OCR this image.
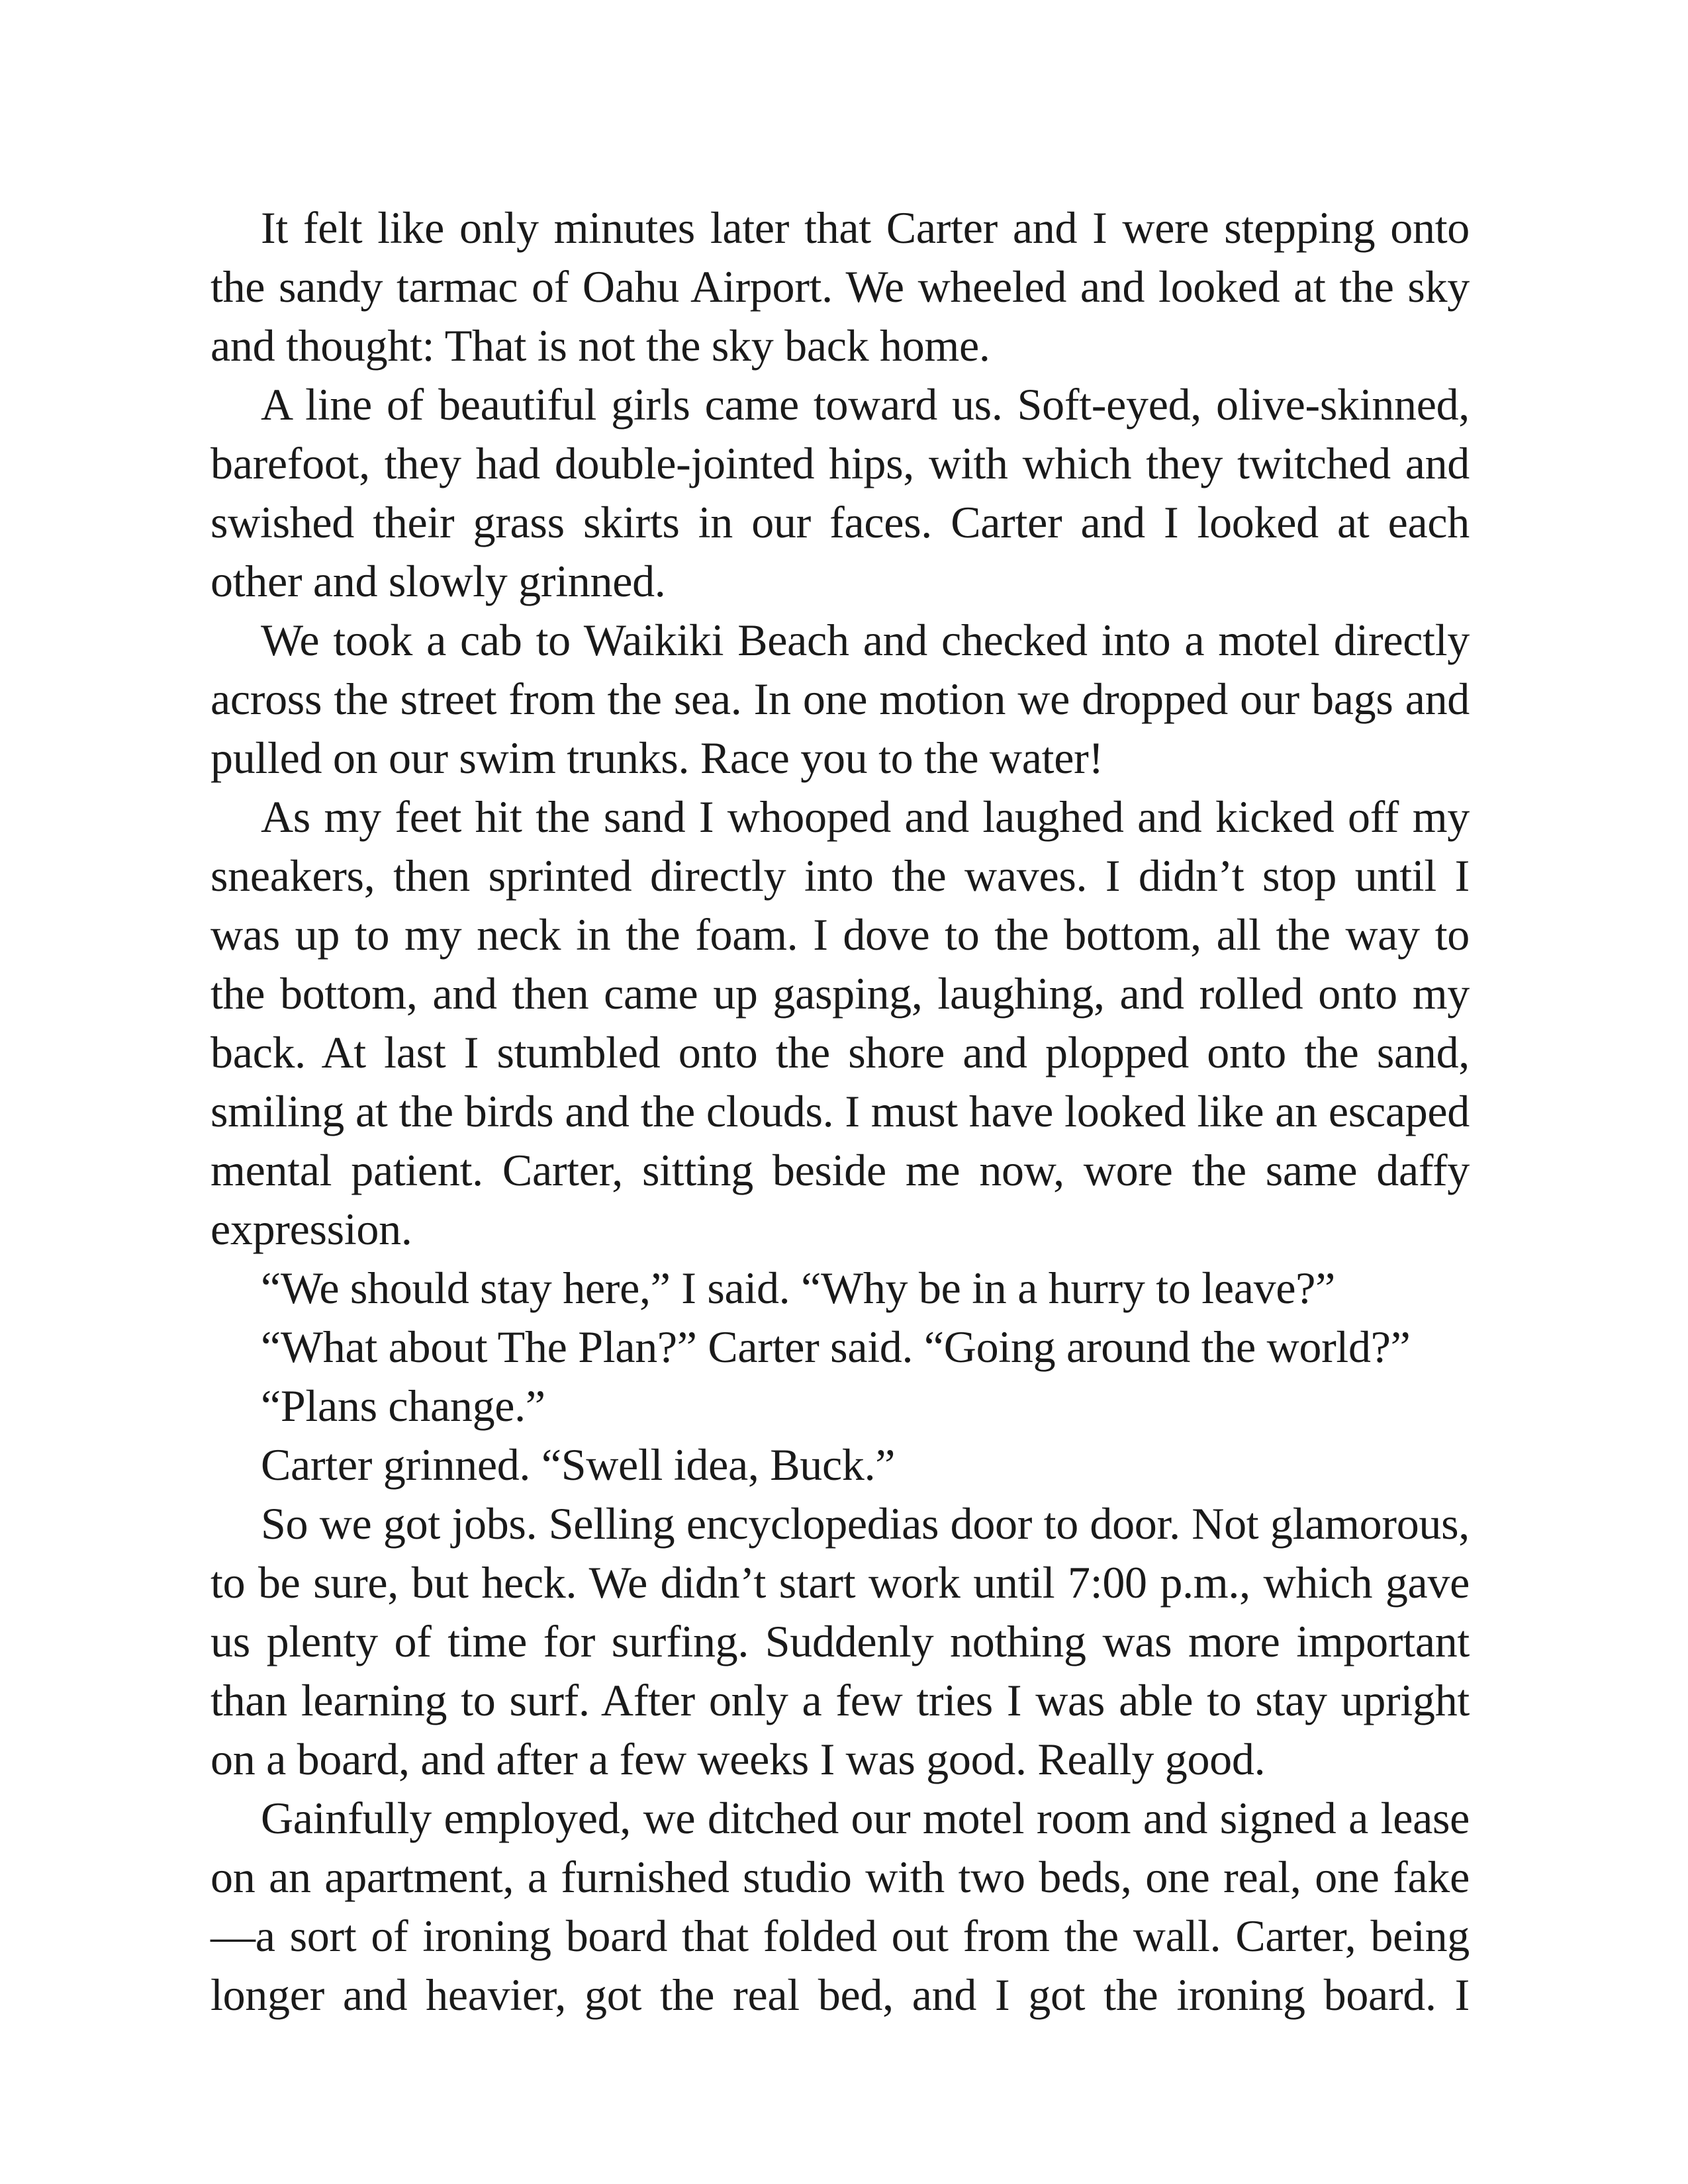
It felt like only minutes later that Carter and I were stepping onto the sandy tarmac of Oahu Airport. We wheeled and looked at the sky and thought: That is not the sky back home.

A line of beautiful girls came toward us. Soft-eyed, olive-skinned, barefoot, they had double-jointed hips, with which they twitched and swished their grass skirts in our faces. Carter and I looked at each other and slowly grinned.

We took a cab to Waikiki Beach and checked into a motel directly across the street from the sea. In one motion we dropped our bags and pulled on our swim trunks. Race you to the water!

As my feet hit the sand I whooped and laughed and kicked off my sneakers, then sprinted directly into the waves. I didn’t stop until I was up to my neck in the foam. I dove to the bottom, all the way to the bottom, and then came up gasping, laughing, and rolled onto my back. At last I stumbled onto the shore and plopped onto the sand, smiling at the birds and the clouds. I must have looked like an escaped mental patient. Carter, sitting beside me now, wore the same daffy expression.

“We should stay here,” I said. “Why be in a hurry to leave?”

“What about The Plan?” Carter said. “Going around the world?”

“Plans change.”

Carter grinned. “Swell idea, Buck.”

So we got jobs. Selling encyclopedias door to door. Not glamorous, to be sure, but heck. We didn’t start work until 7:00 p.m., which gave us plenty of time for surfing. Suddenly nothing was more important than learning to surf. After only a few tries I was able to stay upright on a board, and after a few weeks I was good. Really good.

Gainfully employed, we ditched our motel room and signed a lease on an apartment, a furnished studio with two beds, one real, one fake—a sort of ironing board that folded out from the wall. Carter, being longer and heavier, got the real bed, and I got the ironing board. I
